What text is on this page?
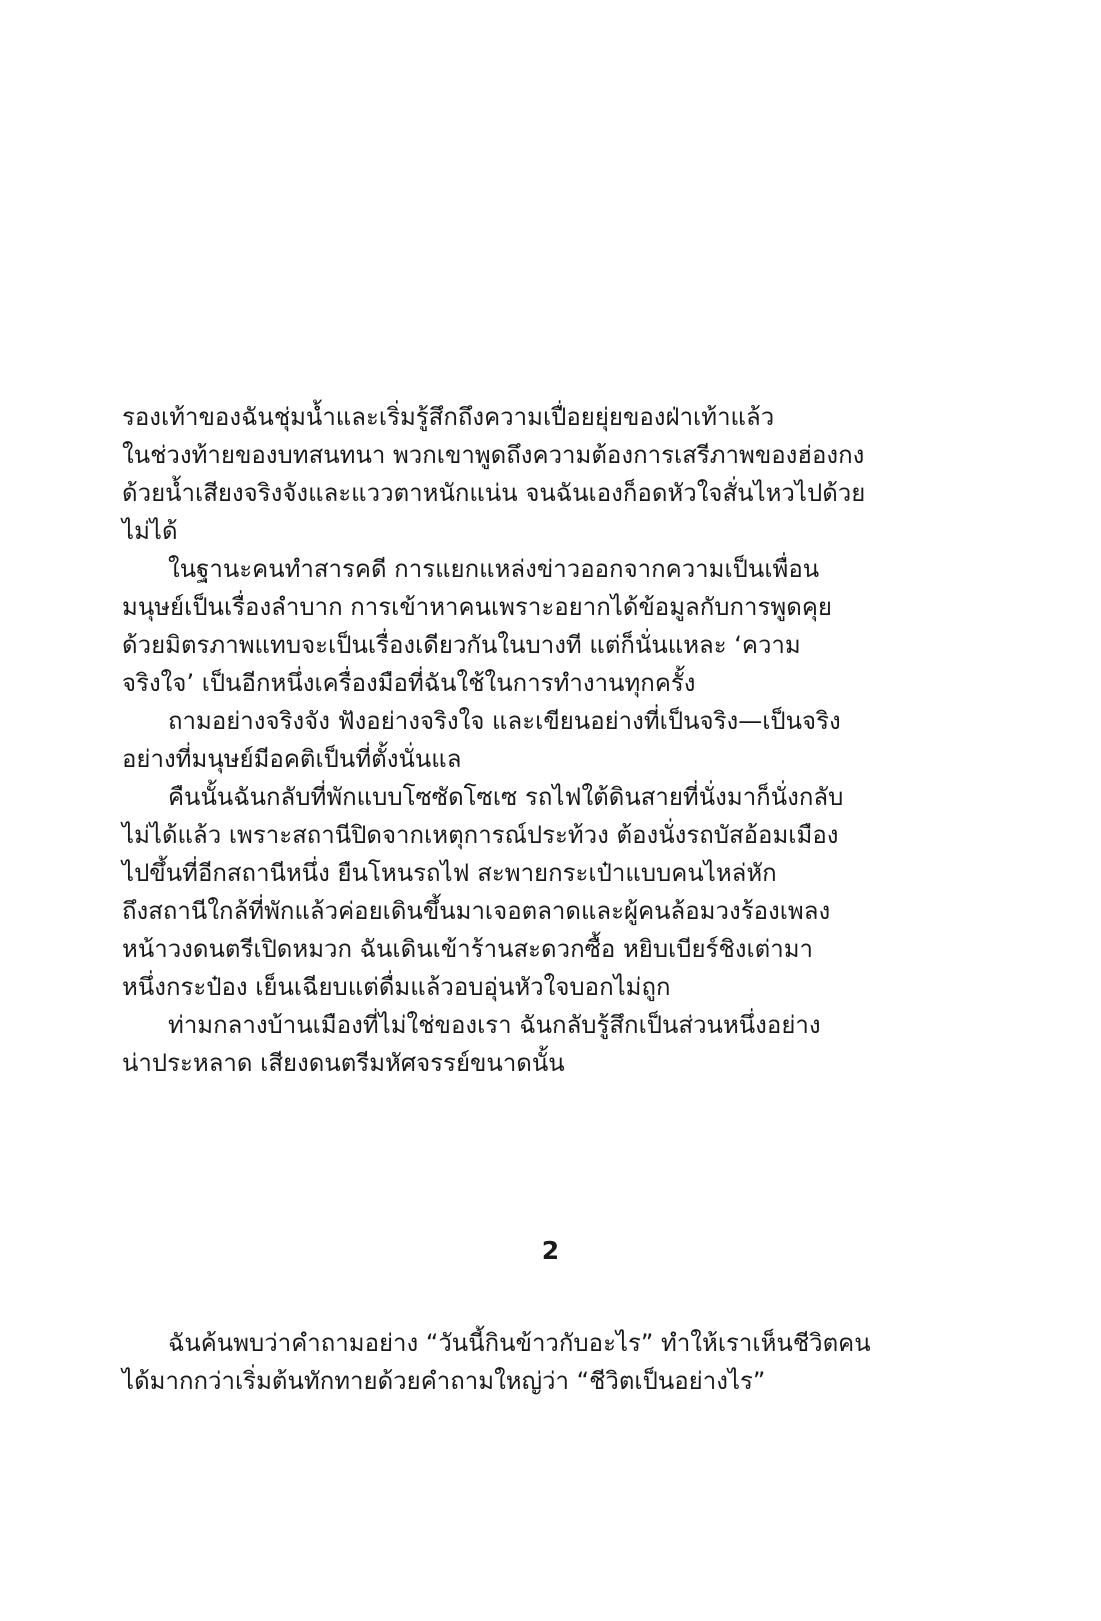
รองเท้าของฉันชุ่มน้ำและเริ่มรู้สึกถึงความเปื่อยยุ่ยของฝ่าเท้าแล้ว
ในช่วงท้ายของบทสนทนา พวกเขาพูดถึงความต้องการเสรีภาพของฮ่องกง
ด้วยน้ำเสียงจริงจังและแววตาหนักแน่น จนฉันเองก็อดหัวใจสั่นไหวไปด้วย
ไม่ได้

ในฐานะคนทำสารคดี การแยกแหล่งข่าวออกจากความเป็นเพื่อน
มนุษย์เป็นเรื่องลำบาก การเข้าหาคนเพราะอยากได้ข้อมูลกับการพูดคุย
ด้วยมิตรภาพแทบจะเป็นเรื่องเดียวกันในบางที แต่ก็นั่นแหละ ‘ความ
จริงใจ’ เป็นอีกหนึ่งเครื่องมือที่ฉันใช้ในการทำงานทุกครั้ง

ถามอย่างจริงจัง ฟังอย่างจริงใจ และเขียนอย่างที่เป็นจริง—เป็นจริง
อย่างที่มนุษย์มีอคติเป็นที่ตั้งนั่นแล

คืนนั้นฉันกลับที่พักแบบโซซัดโซเซ รถไฟใต้ดินสายที่นั่งมาก็นั่งกลับ
ไม่ได้แล้ว เพราะสถานีปิดจากเหตุการณ์ประท้วง ต้องนั่งรถบัสอ้อมเมือง
ไปขึ้นที่อีกสถานีหนึ่ง ยืนโหนรถไฟ สะพายกระเป๋าแบบคนไหล่หัก
ถึงสถานีใกล้ที่พักแล้วค่อยเดินขึ้นมาเจอตลาดและผู้คนล้อมวงร้องเพลง
หน้าวงดนตรีเปิดหมวก ฉันเดินเข้าร้านสะดวกซื้อ หยิบเบียร์ชิงเต่ามา
หนึ่งกระป๋อง เย็นเฉียบแต่ดื่มแล้วอบอุ่นหัวใจบอกไม่ถูก

ท่ามกลางบ้านเมืองที่ไม่ใช่ของเรา ฉันกลับรู้สึกเป็นส่วนหนึ่งอย่าง
น่าประหลาด เสียงดนตรีมหัศจรรย์ขนาดนั้น

2

ฉันค้นพบว่าคำถามอย่าง “วันนี้กินข้าวกับอะไร” ทำให้เราเห็นชีวิตคน
ได้มากกว่าเริ่มต้นทักทายด้วยคำถามใหญ่ว่า “ชีวิตเป็นอย่างไร”
